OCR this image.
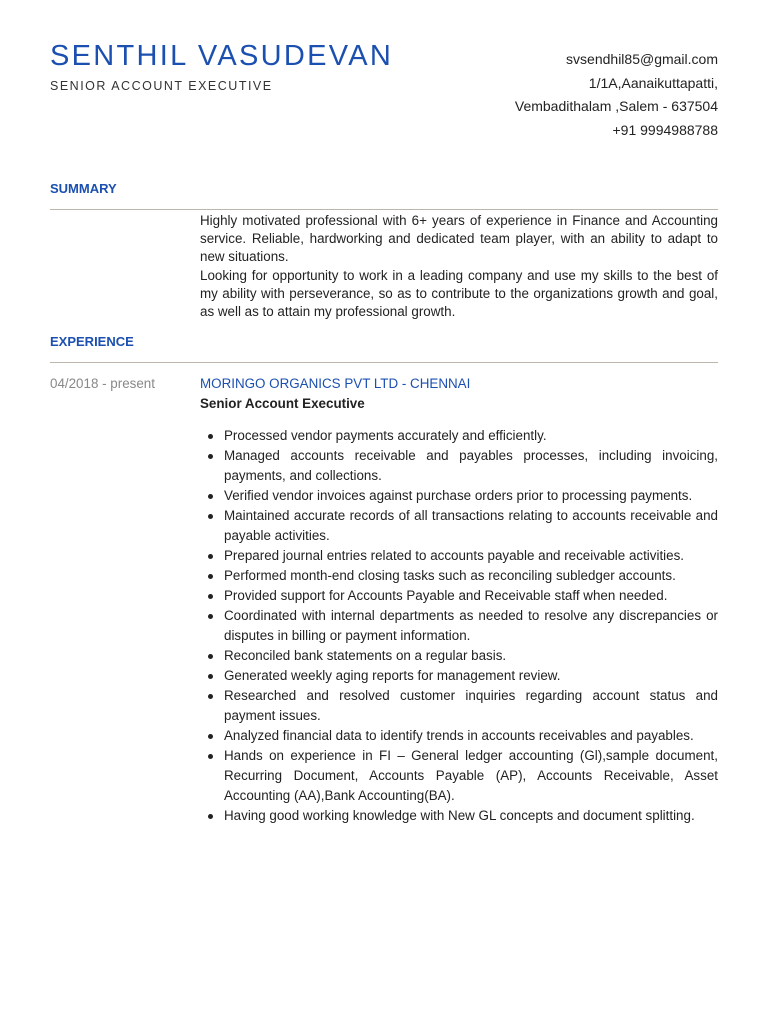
SENTHIL VASUDEVAN
SENIOR ACCOUNT EXECUTIVE
svsendhil85@gmail.com
1/1A,Aanaikuttapatti,
Vembadithalam ,Salem - 637504
+91 9994988788
SUMMARY

Highly motivated professional with 6+ years of experience in Finance and Accounting service. Reliable, hardworking and dedicated team player, with an ability to adapt to new situations.

Looking for opportunity to work in a leading company and use my skills to the best of my ability with perseverance, so as to contribute to the organizations growth and goal, as well as to attain my professional growth.

EXPERIENCE
04/2018 - present	MORINGO ORGANICS PVT LTD - CHENNAI
Senior Account Executive
Processed vendor payments accurately and efficiently.
Managed accounts receivable and payables processes, including invoicing, payments, and collections.
Verified vendor invoices against purchase orders prior to processing payments.
Maintained accurate records of all transactions relating to accounts receivable and payable activities.
Prepared journal entries related to accounts payable and receivable activities.
Performed month-end closing tasks such as reconciling subledger accounts.
Provided support for Accounts Payable and Receivable staff when needed.
Coordinated with internal departments as needed to resolve any discrepancies or disputes in billing or payment information.
Reconciled bank statements on a regular basis.
Generated weekly aging reports for management review.
Researched and resolved customer inquiries regarding account status and payment issues.
Analyzed financial data to identify trends in accounts receivables and payables.
Hands on experience in FI – General ledger accounting (Gl),sample document, Recurring Document, Accounts Payable (AP), Accounts Receivable, Asset Accounting (AA),Bank Accounting(BA).
Having good working knowledge with New GL concepts and document splitting.
